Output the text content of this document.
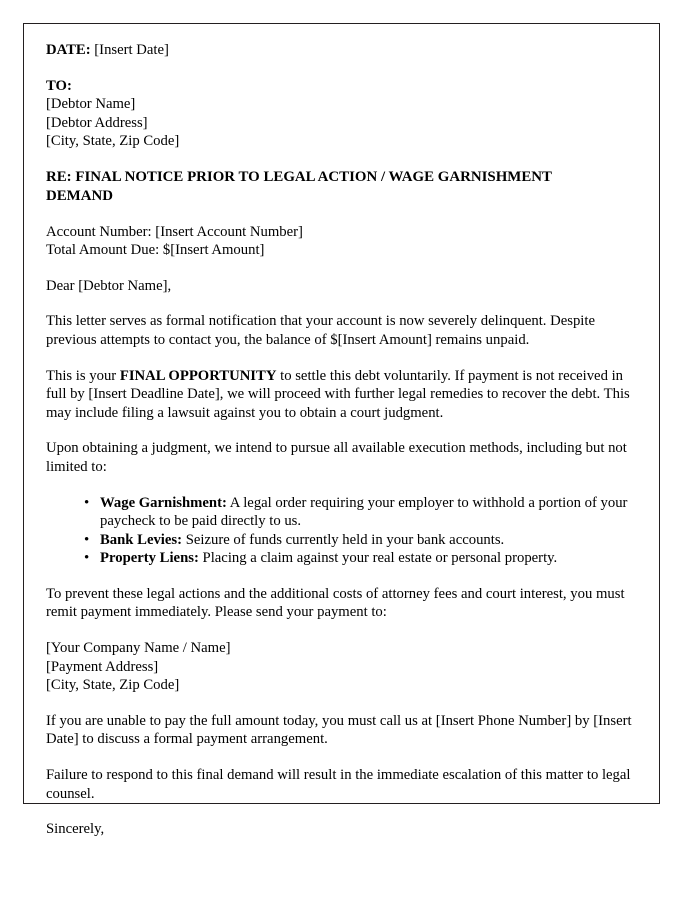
DATE: [Insert Date]
TO:
[Debtor Name]
[Debtor Address]
[City, State, Zip Code]
RE: FINAL NOTICE PRIOR TO LEGAL ACTION / WAGE GARNISHMENT DEMAND
Account Number: [Insert Account Number]
Total Amount Due: $[Insert Amount]
Dear [Debtor Name],
This letter serves as formal notification that your account is now severely delinquent. Despite previous attempts to contact you, the balance of $[Insert Amount] remains unpaid.
This is your FINAL OPPORTUNITY to settle this debt voluntarily. If payment is not received in full by [Insert Deadline Date], we will proceed with further legal remedies to recover the debt. This may include filing a lawsuit against you to obtain a court judgment.
Upon obtaining a judgment, we intend to pursue all available execution methods, including but not limited to:
• Wage Garnishment: A legal order requiring your employer to withhold a portion of your paycheck to be paid directly to us.
• Bank Levies: Seizure of funds currently held in your bank accounts.
• Property Liens: Placing a claim against your real estate or personal property.
To prevent these legal actions and the additional costs of attorney fees and court interest, you must remit payment immediately. Please send your payment to:
[Your Company Name / Name]
[Payment Address]
[City, State, Zip Code]
If you are unable to pay the full amount today, you must call us at [Insert Phone Number] by [Insert Date] to discuss a formal payment arrangement.
Failure to respond to this final demand will result in the immediate escalation of this matter to legal counsel.
Sincerely,
